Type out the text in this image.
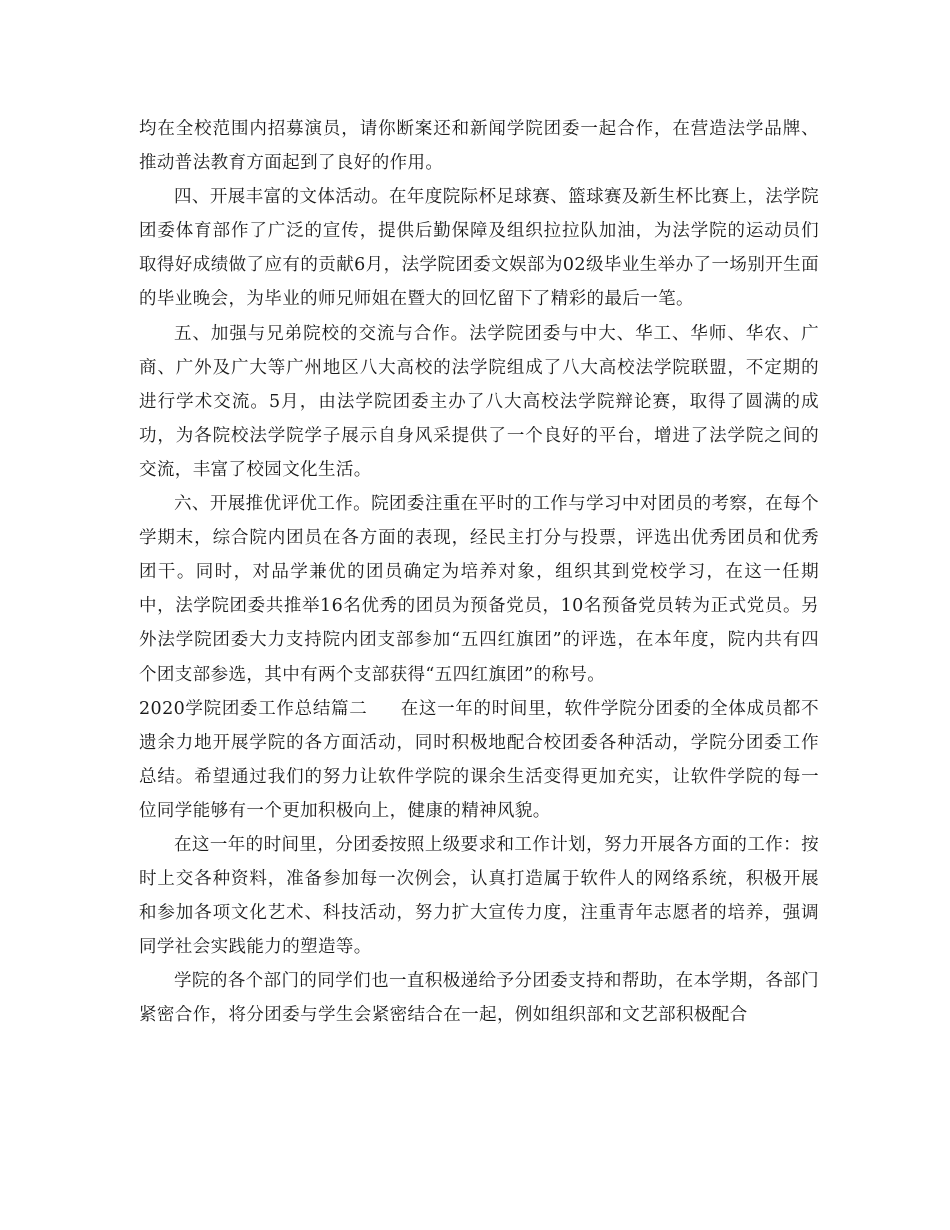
均在全校范围内招募演员，请你断案还和新闻学院团委一起合作，在营造法学品牌、推动普法教育方面起到了良好的作用。

四、开展丰富的文体活动。在年度院际杯足球赛、篮球赛及新生杯比赛上，法学院团委体育部作了广泛的宣传，提供后勤保障及组织拉拉队加油，为法学院的运动员们取得好成绩做了应有的贡献6月，法学院团委文娱部为02级毕业生举办了一场别开生面的毕业晚会，为毕业的师兄师姐在暨大的回忆留下了精彩的最后一笔。

五、加强与兄弟院校的交流与合作。法学院团委与中大、华工、华师、华农、广商、广外及广大等广州地区八大高校的法学院组成了八大高校法学院联盟，不定期的进行学术交流。5月，由法学院团委主办了八大高校法学院辩论赛，取得了圆满的成功，为各院校法学院学子展示自身风采提供了一个良好的平台，增进了法学院之间的交流，丰富了校园文化生活。

六、开展推优评优工作。院团委注重在平时的工作与学习中对团员的考察，在每个学期末，综合院内团员在各方面的表现，经民主打分与投票，评选出优秀团员和优秀团干。同时，对品学兼优的团员确定为培养对象，组织其到党校学习，在这一任期中，法学院团委共推举16名优秀的团员为预备党员，10名预备党员转为正式党员。另外法学院团委大力支持院内团支部参加“五四红旗团”的评选，在本年度，院内共有四个团支部参选，其中有两个支部获得“五四红旗团”的称号。

2020学院团委工作总结篇二 在这一年的时间里，软件学院分团委的全体成员都不遗余力地开展学院的各方面活动，同时积极地配合校团委各种活动，学院分团委工作总结。希望通过我们的努力让软件学院的课余生活变得更加充实，让软件学院的每一位同学能够有一个更加积极向上，健康的精神风貌。

在这一年的时间里，分团委按照上级要求和工作计划，努力开展各方面的工作：按时上交各种资料，准备参加每一次例会，认真打造属于软件人的网络系统，积极开展和参加各项文化艺术、科技活动，努力扩大宣传力度，注重青年志愿者的培养，强调同学社会实践能力的塑造等。

学院的各个部门的同学们也一直积极递给予分团委支持和帮助，在本学期，各部门紧密合作，将分团委与学生会紧密结合在一起，例如组织部和文艺部积极配合
